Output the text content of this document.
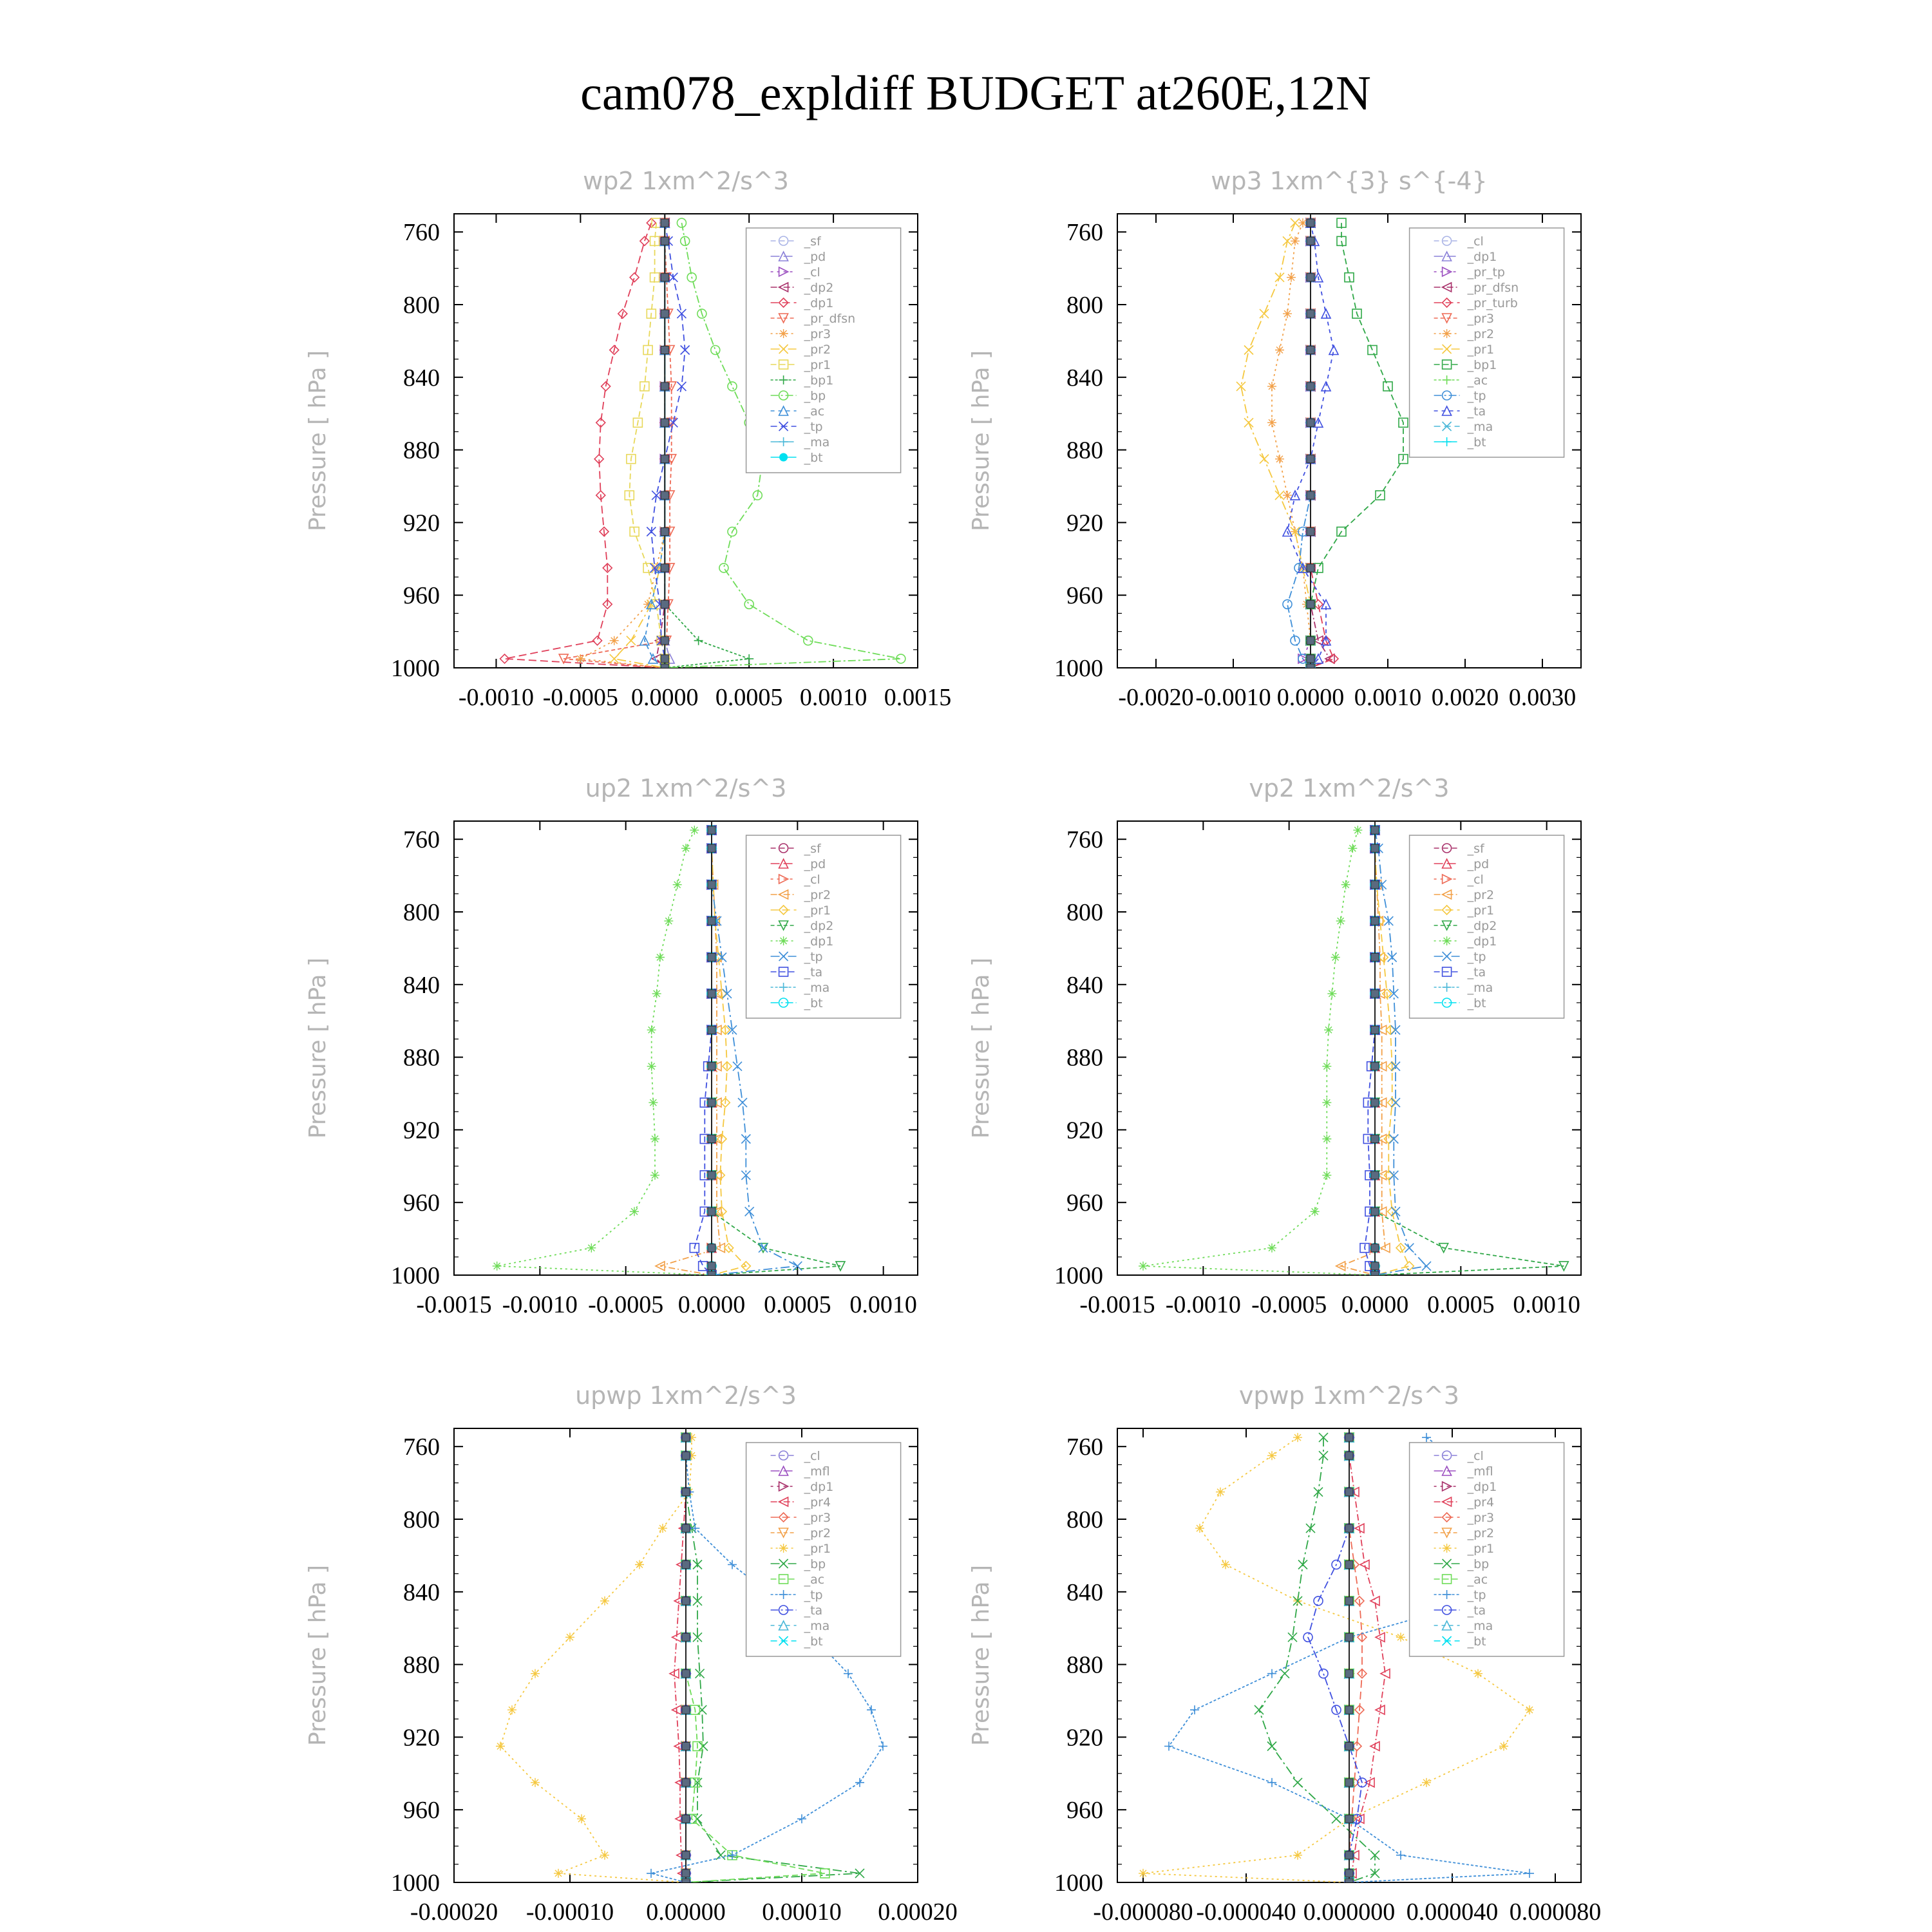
cam078_expldiff BUDGET at260E,12N
wp2 1xm^2/s^3
Pressure [ hPa ]
760
800
840
880
920
960
1000
-0.0010 -0.0005 0.0000 0.0005 0.0010 0.0015
_sf
_pd
_cl
_dp2
_dp1
_pr_dfsn
_pr3
_pr2
_pr1
_bp1
_bp
_ac
_tp
_ma
_bt
wp3 1xm^{3} s^{-4}
Pressure [ hPa ]
760
800
840
880
920
960
1000
-0.0020 -0.0010 0.0000 0.0010 0.0020 0.0030
_cl
_dp1
_pr_tp
_pr_dfsn
_pr_turb
_pr3
_pr2
_pr1
_bp1
_ac
_tp
_ta
_ma
_bt
up2 1xm^2/s^3
Pressure [ hPa ]
760
800
840
880
920
960
1000
-0.0015 -0.0010 -0.0005 0.0000 0.0005 0.0010
_sf
_pd
_cl
_pr2
_pr1
_dp2
_dp1
_tp
_ta
_ma
_bt
vp2 1xm^2/s^3
Pressure [ hPa ]
760
800
840
880
920
960
1000
-0.0015 -0.0010 -0.0005 0.0000 0.0005 0.0010
_sf
_pd
_cl
_pr2
_pr1
_dp2
_dp1
_tp
_ta
_ma
_bt
upwp 1xm^2/s^3
Pressure [ hPa ]
760
800
840
880
920
960
1000
-0.00020 -0.00010 0.00000 0.00010 0.00020
_cl
_mfl
_dp1
_pr4
_pr3
_pr2
_pr1
_bp
_ac
_tp
_ta
_ma
_bt
vpwp 1xm^2/s^3
Pressure [ hPa ]
760
800
840
880
920
960
1000
-0.000080 -0.000040 0.000000 0.000040 0.000080
_cl
_mfl
_dp1
_pr4
_pr3
_pr2
_pr1
_bp
_ac
_tp
_ta
_ma
_bt
